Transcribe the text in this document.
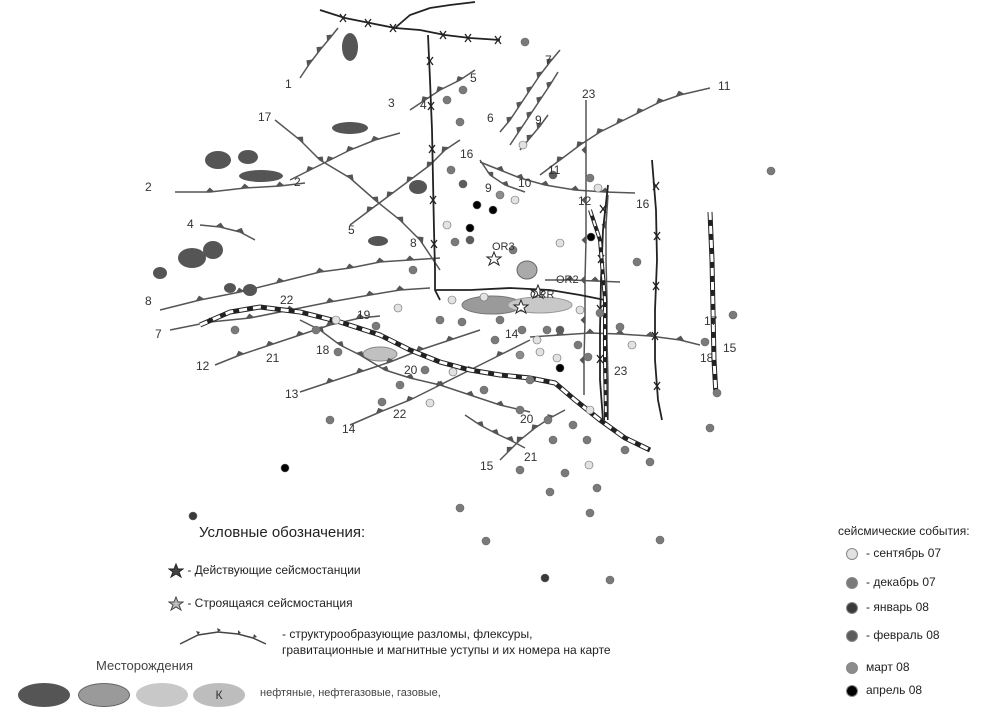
OR3
OR2
ORR
1
2	2
3
4
4
5
5
6
7
7
8
8
9
9
10
11
11
12
12
13
14
14
15
15
16
16
17
17
18
18
19
20
20
21
21
22
22
23
23
Условные обозначения:
- Действующие сейсмостанции
- Строящаяся сейсмостанция
- структурообразующие разломы, флексуры,
гравитационные и магнитные уступы и их номера на карте
Месторождения
К	нефтяные, нефтегазовые, газовые,
сейсмические события:
- сентябрь 07
- декабрь 07
- январь 08
- февраль 08
март 08
апрель 08
